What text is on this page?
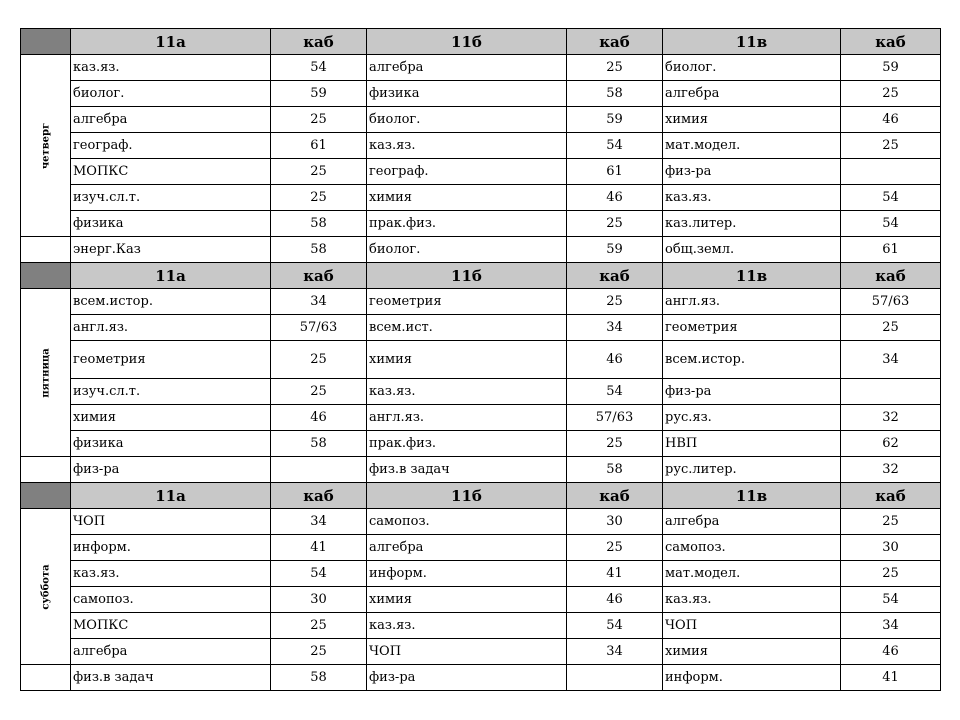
	11а	каб	11б	каб	11в	каб

четверг	каз.яз.	54	алгебра	25	биолог.	59
	биолог.	59	физика	58	алгебра	25
	алгебра	25	биолог.	59	химия	46
	географ.	61	каз.яз.	54	мат.модел.	25
	МОПКС	25	географ.	61	физ-ра	
	изуч.сл.т.	25	химия	46	каз.яз.	54
	физика	58	прак.физ.	25	каз.литер.	54
	энерг.Каз	58	биолог.	59	общ.земл.	61
	11а	каб	11б	каб	11в	каб

пятница	всем.истор.	34	геометрия	25	англ.яз.	57/63
	англ.яз.	57/63	всем.ист.	34	геометрия	25
	геометрия	25	химия	46	всем.истор.	34
	изуч.сл.т.	25	каз.яз.	54	физ-ра	
	химия	46	англ.яз.	57/63	рус.яз.	32
	физика	58	прак.физ.	25	НВП	62
	физ-ра		физ.в задач	58	рус.литер.	32
	11а	каб	11б	каб	11в	каб

суббота	ЧОП	34	самопоз.	30	алгебра	25
	информ.	41	алгебра	25	самопоз.	30
	каз.яз.	54	информ.	41	мат.модел.	25
	самопоз.	30	химия	46	каз.яз.	54
	МОПКС	25	каз.яз.	54	ЧОП	34
	алгебра	25	ЧОП	34	химия	46
	физ.в задач	58	физ-ра		информ.	41
